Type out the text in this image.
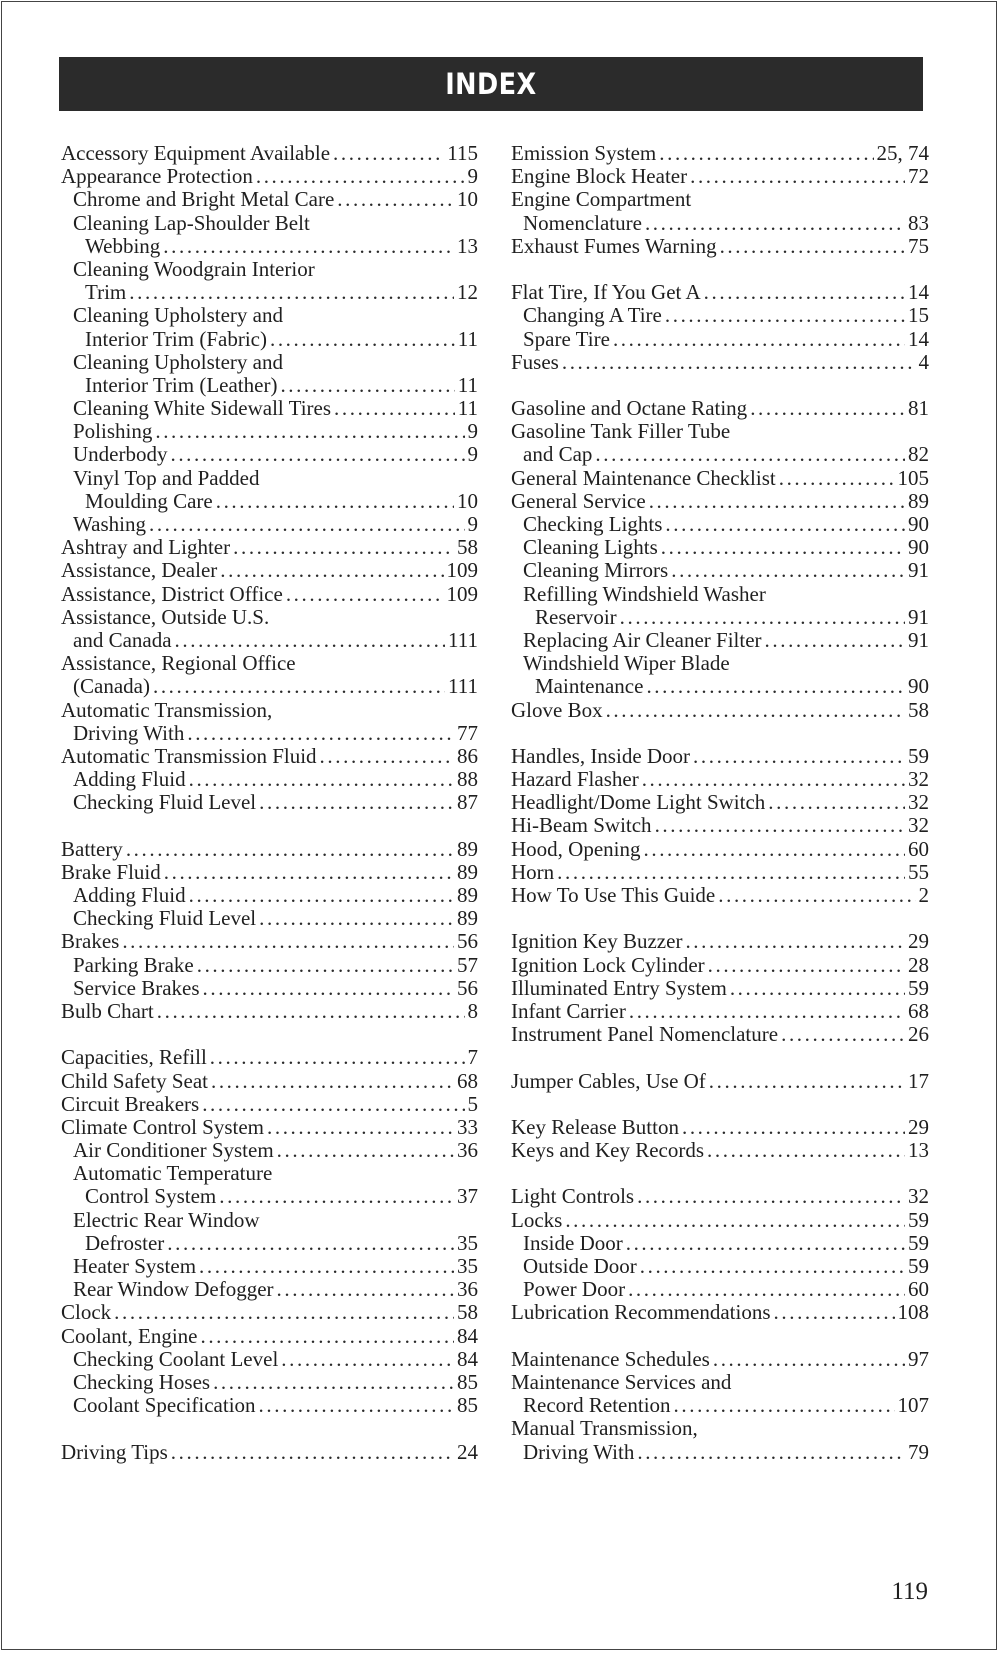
INDEX
Accessory Equipment Available .....	115
Appearance Protection .....	9
Chrome and Bright Metal Care .....	10
Cleaning Lap-Shoulder Belt
Webbing .....	13
Cleaning Woodgrain Interior
Trim .....	12
Cleaning Upholstery and
Interior Trim (Fabric) .....	11
Cleaning Upholstery and
Interior Trim (Leather) .....	11
Cleaning White Sidewall Tires .....	11
Polishing .....	9
Underbody .....	9
Vinyl Top and Padded
Moulding Care .....	10
Washing .....	9
Ashtray and Lighter .....	58
Assistance, Dealer .....	109
Assistance, District Office .....	109
Assistance, Outside U.S.
and Canada .....	111
Assistance, Regional Office
(Canada) .....	111
Automatic Transmission,
Driving With .....	77
Automatic Transmission Fluid .....	86
Adding Fluid .....	88
Checking Fluid Level .....	87
Battery .....	89
Brake Fluid .....	89
Adding Fluid .....	89
Checking Fluid Level .....	89
Brakes .....	56
Parking Brake .....	57
Service Brakes .....	56
Bulb Chart .....	8
Capacities, Refill .....	7
Child Safety Seat .....	68
Circuit Breakers .....	5
Climate Control System .....	33
Air Conditioner System .....	36
Automatic Temperature
Control System .....	37
Electric Rear Window
Defroster .....	35
Heater System .....	35
Rear Window Defogger .....	36
Clock .....	58
Coolant, Engine .....	84
Checking Coolant Level .....	84
Checking Hoses .....	85
Coolant Specification .....	85
Driving Tips .....	24
Emission System .....	25, 74
Engine Block Heater .....	72
Engine Compartment
Nomenclature .....	83
Exhaust Fumes Warning .....	75
Flat Tire, If You Get A .....	14
Changing A Tire .....	15
Spare Tire .....	14
Fuses .....	4
Gasoline and Octane Rating .....	81
Gasoline Tank Filler Tube
and Cap .....	82
General Maintenance Checklist .....	105
General Service .....	89
Checking Lights .....	90
Cleaning Lights .....	90
Cleaning Mirrors .....	91
Refilling Windshield Washer
Reservoir .....	91
Replacing Air Cleaner Filter .....	91
Windshield Wiper Blade
Maintenance .....	90
Glove Box .....	58
Handles, Inside Door .....	59
Hazard Flasher .....	32
Headlight/Dome Light Switch .....	32
Hi-Beam Switch .....	32
Hood, Opening .....	60
Horn .....	55
How To Use This Guide .....	2
Ignition Key Buzzer .....	29
Ignition Lock Cylinder .....	28
Illuminated Entry System .....	59
Infant Carrier .....	68
Instrument Panel Nomenclature .....	26
Jumper Cables, Use Of .....	17
Key Release Button .....	29
Keys and Key Records .....	13
Light Controls .....	32
Locks .....	59
Inside Door .....	59
Outside Door .....	59
Power Door .....	60
Lubrication Recommendations .....	108
Maintenance Schedules .....	97
Maintenance Services and
Record Retention .....	107
Manual Transmission,
Driving With .....	79
119
